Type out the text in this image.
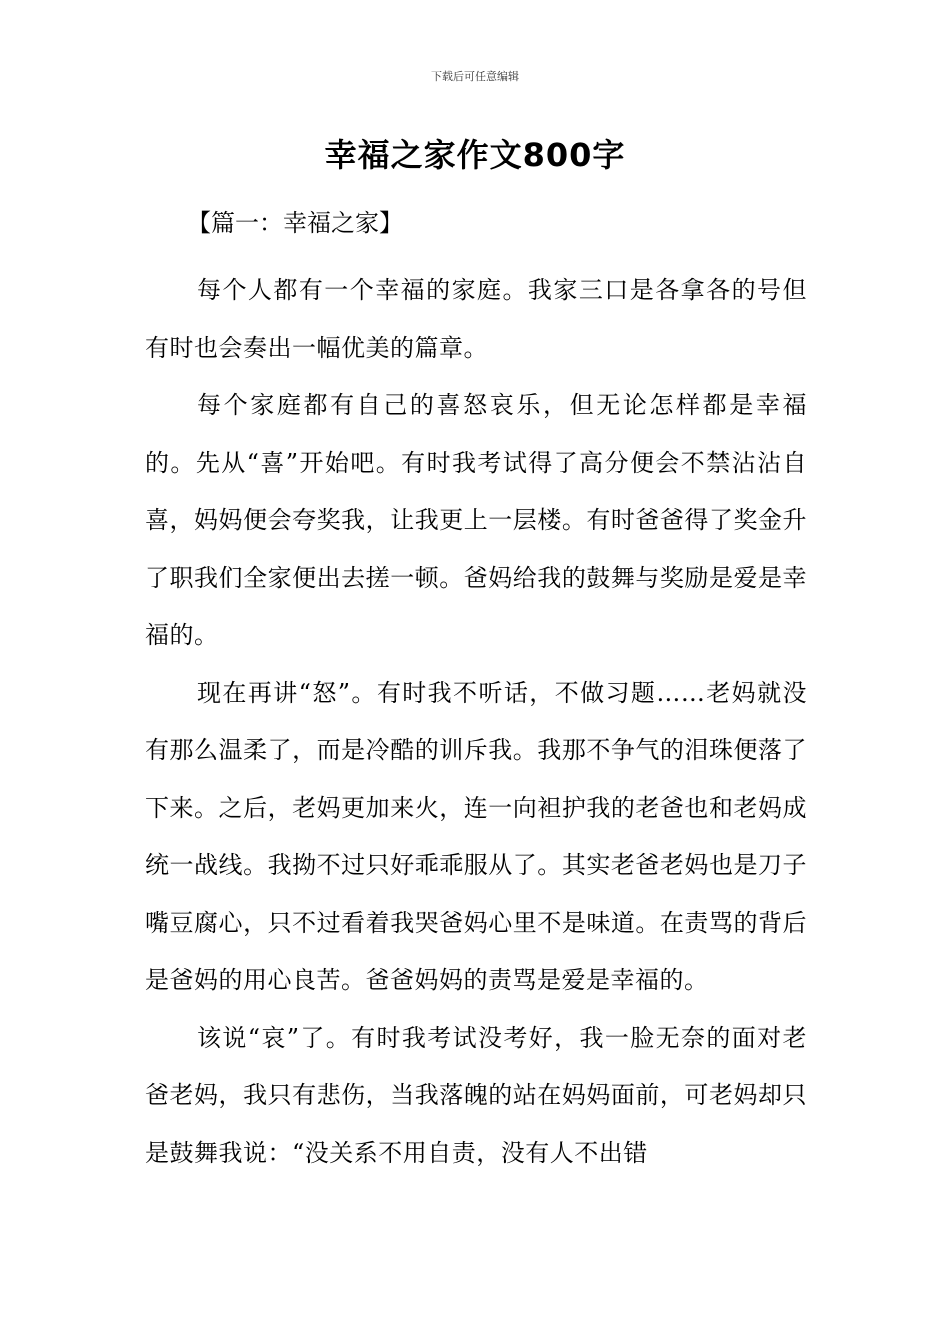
下载后可任意编辑
幸福之家作文800字
【篇一：幸福之家】

每个人都有一个幸福的家庭。我家三口是各拿各的号但有时也会奏出一幅优美的篇章。

每个家庭都有自己的喜怒哀乐，但无论怎样都是幸福的。先从“喜”开始吧。有时我考试得了高分便会不禁沾沾自喜，妈妈便会夸奖我，让我更上一层楼。有时爸爸得了奖金升了职我们全家便出去搓一顿。爸妈给我的鼓舞与奖励是爱是幸福的。

现在再讲“怒”。有时我不听话，不做习题……老妈就没有那么温柔了，而是冷酷的训斥我。我那不争气的泪珠便落了下来。之后，老妈更加来火，连一向袒护我的老爸也和老妈成统一战线。我拗不过只好乖乖服从了。其实老爸老妈也是刀子嘴豆腐心，只不过看着我哭爸妈心里不是味道。在责骂的背后是爸妈的用心良苦。爸爸妈妈的责骂是爱是幸福的。

该说“哀”了。有时我考试没考好，我一脸无奈的面对老爸老妈，我只有悲伤，当我落魄的站在妈妈面前，可老妈却只是鼓舞我说：“没关系不用自责，没有人不出错
